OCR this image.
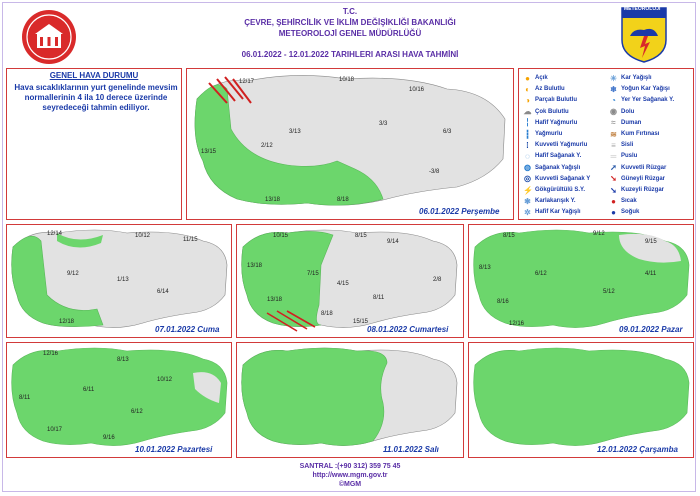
METEOROLOJİ
T.C.
ÇEVRE, ŞEHİRCİLİK VE İKLİM DEĞİŞİKLİĞİ BAKANLIĞI
METEOROLOJİ GENEL MÜDÜRLÜĞÜ
06.01.2022 - 12.01.2022 TARIHLERI ARASI HAVA TAHMİNİ
GENEL HAVA DURUMU
Hava sıcaklıklarının yurt genelinde mevsim normallerinin 4 ila 10 derece üzerinde seyredeceği tahmin ediliyor.
12/17	10/18
10/16
3/13
3/3
6/3
2/12
-3/8
13/18	8/18
13/15
06.01.2022 Perşembe
● Açık
◐ Az Bulutlu
◑ Parçalı Bulutlu
☁ Çok Bulutlu
╎ Hafif Yağmurlu
┇ Yağmurlu
⁞	Kuvvetli Yağmurlu
◌ Hafif Sağanak Y.
◍ Sağanak Yağışlı
◎ Kuvvetli Sağanak Y
⚡ Gökgürültülü S.Y.
✱ Karlakarışık Y.
✲ Hafif Kar Yağışlı
✳ Kar Yağışlı
❄ Yoğun Kar Yağışı
◔ Yer Yer Sağanak Y.
◉ Dolu
≈ Duman
≋ Kum Fırtınası
≡ Sisli
═ Puslu
➚ Kuvvetli Rüzgar
➘ Güneyli Rüzgar
➘ Kuzeyli Rüzgar
● Sıcak
● Soğuk
12/14	10/12
11/15
9/12
1/13
6/14
12/18
07.01.2022 Cuma
10/15	8/15
9/14
13/18
7/15
4/15
2/8
8/11
13/18
8/18
15/15
08.01.2022 Cumartesi
8/15	9/12
9/15
8/13
6/12	4/11
5/12
8/16
12/16
09.01.2022 Pazar
12/16
8/13
6/11
10/12
8/11
6/12
10/17
9/16
10.01.2022 Pazartesi	11.01.2022 Salı	12.01.2022 Çarşamba
SANTRAL :(+90 312) 359 75 45
http://www.mgm.gov.tr
©MGM
